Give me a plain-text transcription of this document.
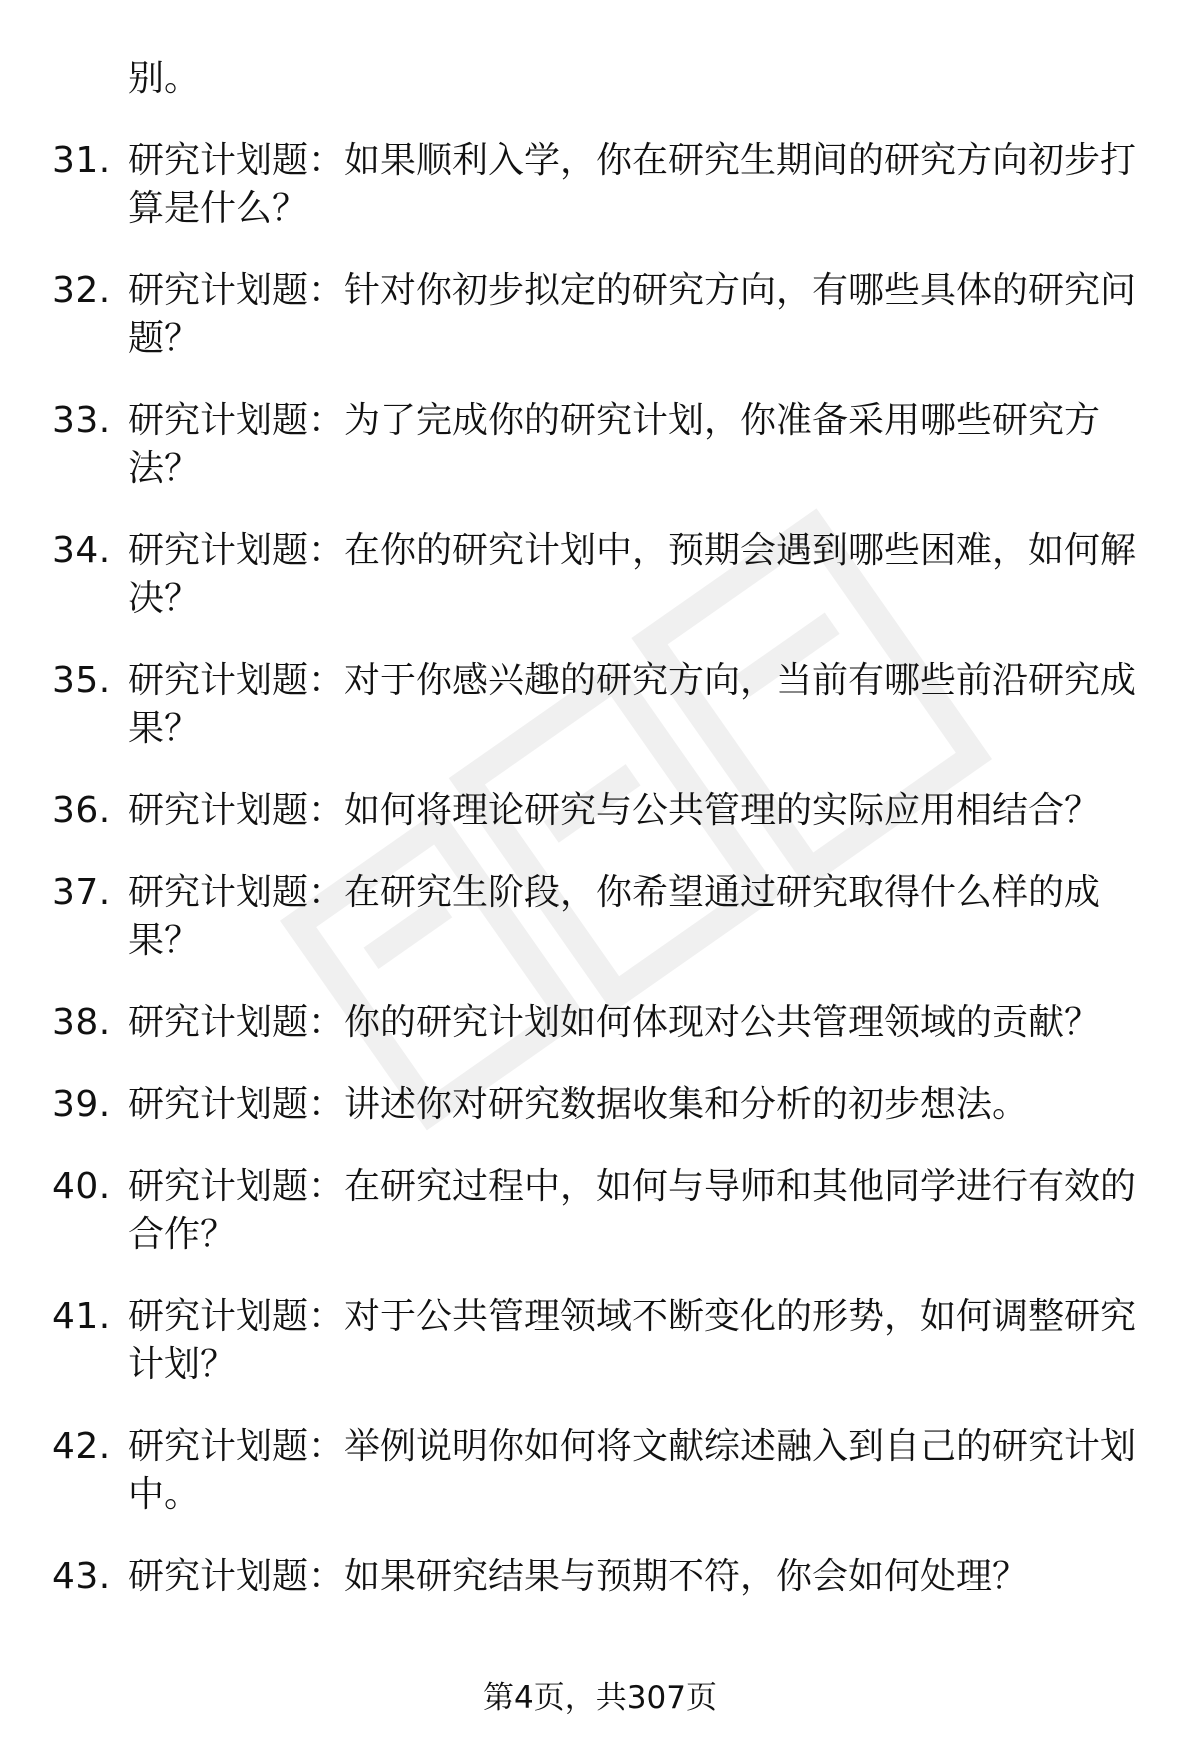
别。

31. 研究计划题：如果顺利入学，你在研究生期间的研究方向初步打算是什么？
32. 研究计划题：针对你初步拟定的研究方向，有哪些具体的研究问题？
33. 研究计划题：为了完成你的研究计划，你准备采用哪些研究方法？
34. 研究计划题：在你的研究计划中，预期会遇到哪些困难，如何解决？
35. 研究计划题：对于你感兴趣的研究方向，当前有哪些前沿研究成果？
36. 研究计划题：如何将理论研究与公共管理的实际应用相结合？
37. 研究计划题：在研究生阶段，你希望通过研究取得什么样的成果？
38. 研究计划题：你的研究计划如何体现对公共管理领域的贡献？
39. 研究计划题：讲述你对研究数据收集和分析的初步想法。
40. 研究计划题：在研究过程中，如何与导师和其他同学进行有效的合作？
41. 研究计划题：对于公共管理领域不断变化的形势，如何调整研究计划？
42. 研究计划题：举例说明你如何将文献综述融入到自己的研究计划中。
43. 研究计划题：如果研究结果与预期不符，你会如何处理？
第4页，共307页
